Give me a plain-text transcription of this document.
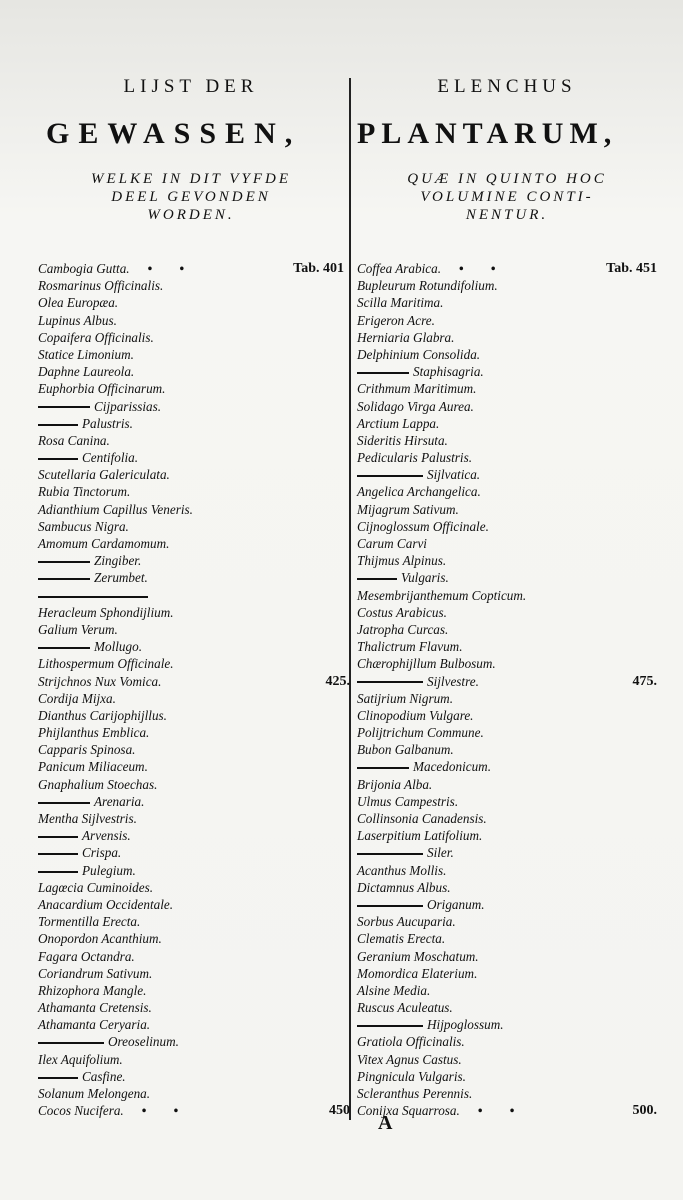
LIJST DER
GEWASSEN,
WELKE IN DIT VYFDE
DEEL GEVONDEN
WORDEN.
Cambogia Gutta. • •	Tab. 401
Rosmarinus Officinalis.
Olea Europæa.
Lupinus Albus.
Copaifera Officinalis.
Statice Limonium.
Daphne Laureola.
Euphorbia Officinarum.
Cijparissias.
Palustris.
Rosa Canina.
Centifolia.
Scutellaria Galericulata.
Rubia Tinctorum.
Adianthium Capillus Veneris.
Sambucus Nigra.
Amomum Cardamomum.
Zingiber.
Zerumbet.
Heracleum Sphondijlium.
Galium Verum.
Mollugo.
Lithospermum Officinale.
Strijchnos Nux Vomica.	425.
Cordija Mijxa.
Dianthus Carijophijllus.
Phijlanthus Emblica.
Capparis Spinosa.
Panicum Miliaceum.
Gnaphalium Stoechas.
Arenaria.
Mentha Sijlvestris.
Arvensis.
Crispa.
Pulegium.
Lagœcia Cuminoides.
Anacardium Occidentale.
Tormentilla Erecta.
Onopordon Acanthium.
Fagara Octandra.
Coriandrum Sativum.
Rhizophora Mangle.
Athamanta Cretensis.
Athamanta Ceryaria.
Oreoselinum.
Ilex Aquifolium.
Casfine.
Solanum Melongena.
Cocos Nucifera. • •	450
ELENCHUS
PLANTARUM,
QUÆ IN QUINTO HOC
VOLUMINE CONTI-
NENTUR.
Coffea Arabica. • •	Tab. 451
Bupleurum Rotundifolium.
Scilla Maritima.
Erigeron Acre.
Herniaria Glabra.
Delphinium Consolida.
Staphisagria.
Crithmum Maritimum.
Solidago Virga Aurea.
Arctium Lappa.
Sideritis Hirsuta.
Pedicularis Palustris.
Sijlvatica.
Angelica Archangelica.
Mijagrum Sativum.
Cijnoglossum Officinale.
Carum Carvi
Thijmus Alpinus.
Vulgaris.
Mesembrijanthemum Copticum.
Costus Arabicus.
Jatropha Curcas.
Thalictrum Flavum.
Chærophijllum Bulbosum.
Sijlvestre.	475.
Satijrium Nigrum.
Clinopodium Vulgare.
Polijtrichum Commune.
Bubon Galbanum.
Macedonicum.
Brijonia Alba.
Ulmus Campestris.
Collinsonia Canadensis.
Laserpitium Latifolium.
Siler.
Acanthus Mollis.
Dictamnus Albus.
Origanum.
Sorbus Aucuparia.
Clematis Erecta.
Geranium Moschatum.
Momordica Elaterium.
Alsine Media.
Ruscus Aculeatus.
Hijpoglossum.
Gratiola Officinalis.
Vitex Agnus Castus.
Pingnicula Vulgaris.
Scleranthus Perennis.
Conijxa Squarrosa. • •	500.
A
